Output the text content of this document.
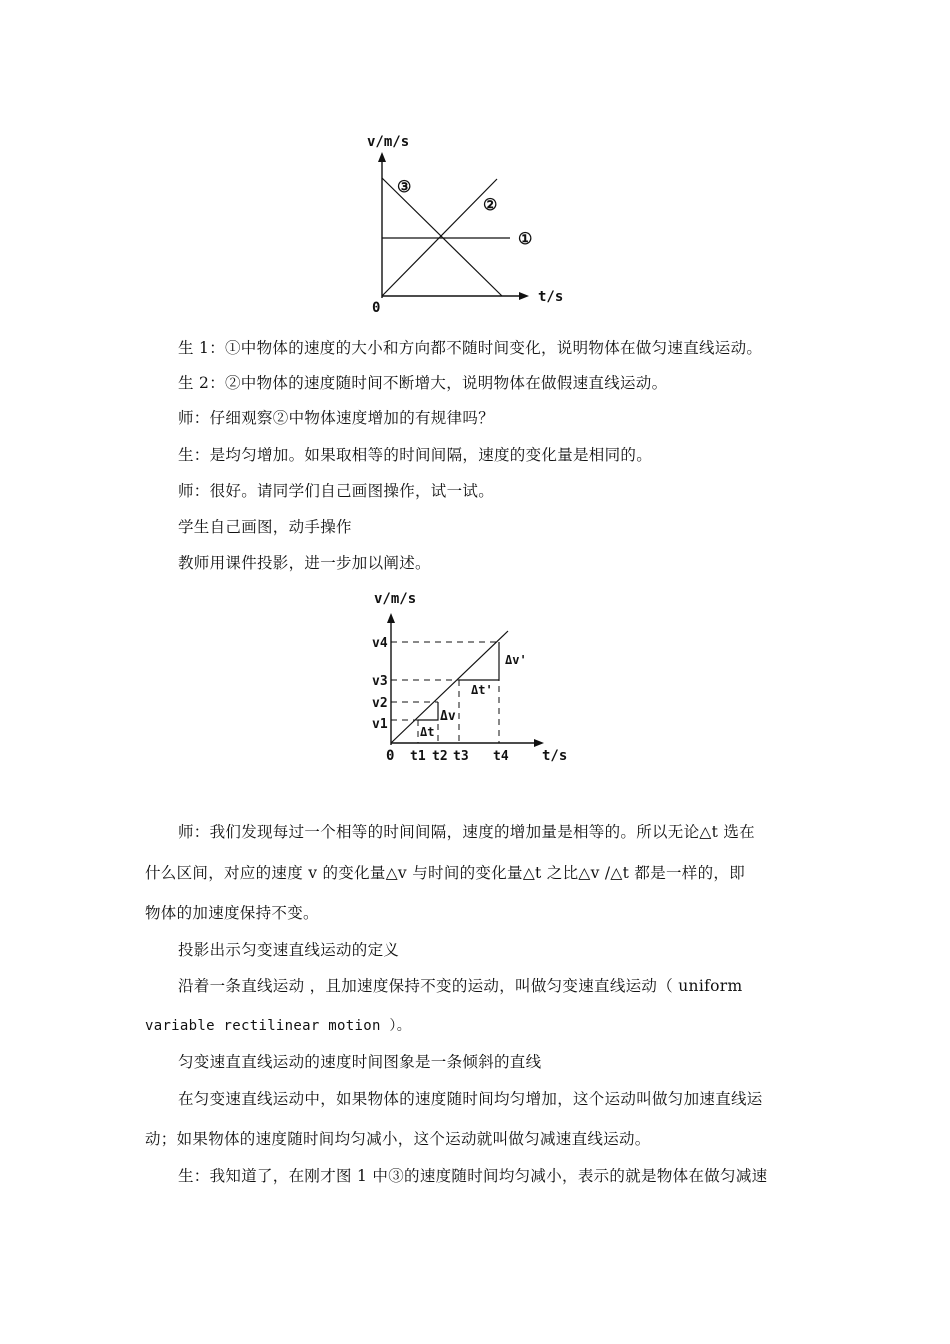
v/m/s
t/s
0
①
②
③
生 1：①中物体的速度的大小和方向都不随时间变化，说明物体在做匀速直线运动。
生 2：②中物体的速度随时间不断增大，说明物体在做假速直线运动。
师：仔细观察②中物体速度增加的有规律吗？
生：是均匀增加。如果取相等的时间间隔，速度的变化量是相同的。
师：很好。请同学们自己画图操作，试一试。
学生自己画图，动手操作
教师用课件投影，进一步加以阐述。
v/m/s
t/s
0
v4
v3
v2
v1
t1 t2 t3 t4
Δv
Δt
Δv'
Δt'
师：我们发现每过一个相等的时间间隔，速度的增加量是相等的。所以无论△t 选在
什么区间，对应的速度 v 的变化量△v 与时间的变化量△t 之比△v /△t 都是一样的，即
物体的加速度保持不变。
投影出示匀变速直线运动的定义
沿着一条直线运动 ，且加速度保持不变的运动，叫做匀变速直线运动（ uniform
variable rectilinear motion ）。
匀变速直直线运动的速度时间图象是一条倾斜的直线
在匀变速直线运动中，如果物体的速度随时间均匀增加，这个运动叫做匀加速直线运
动；如果物体的速度随时间均匀减小，这个运动就叫做匀减速直线运动。
生：我知道了，在刚才图 1 中③的速度随时间均匀减小，表示的就是物体在做匀减速
